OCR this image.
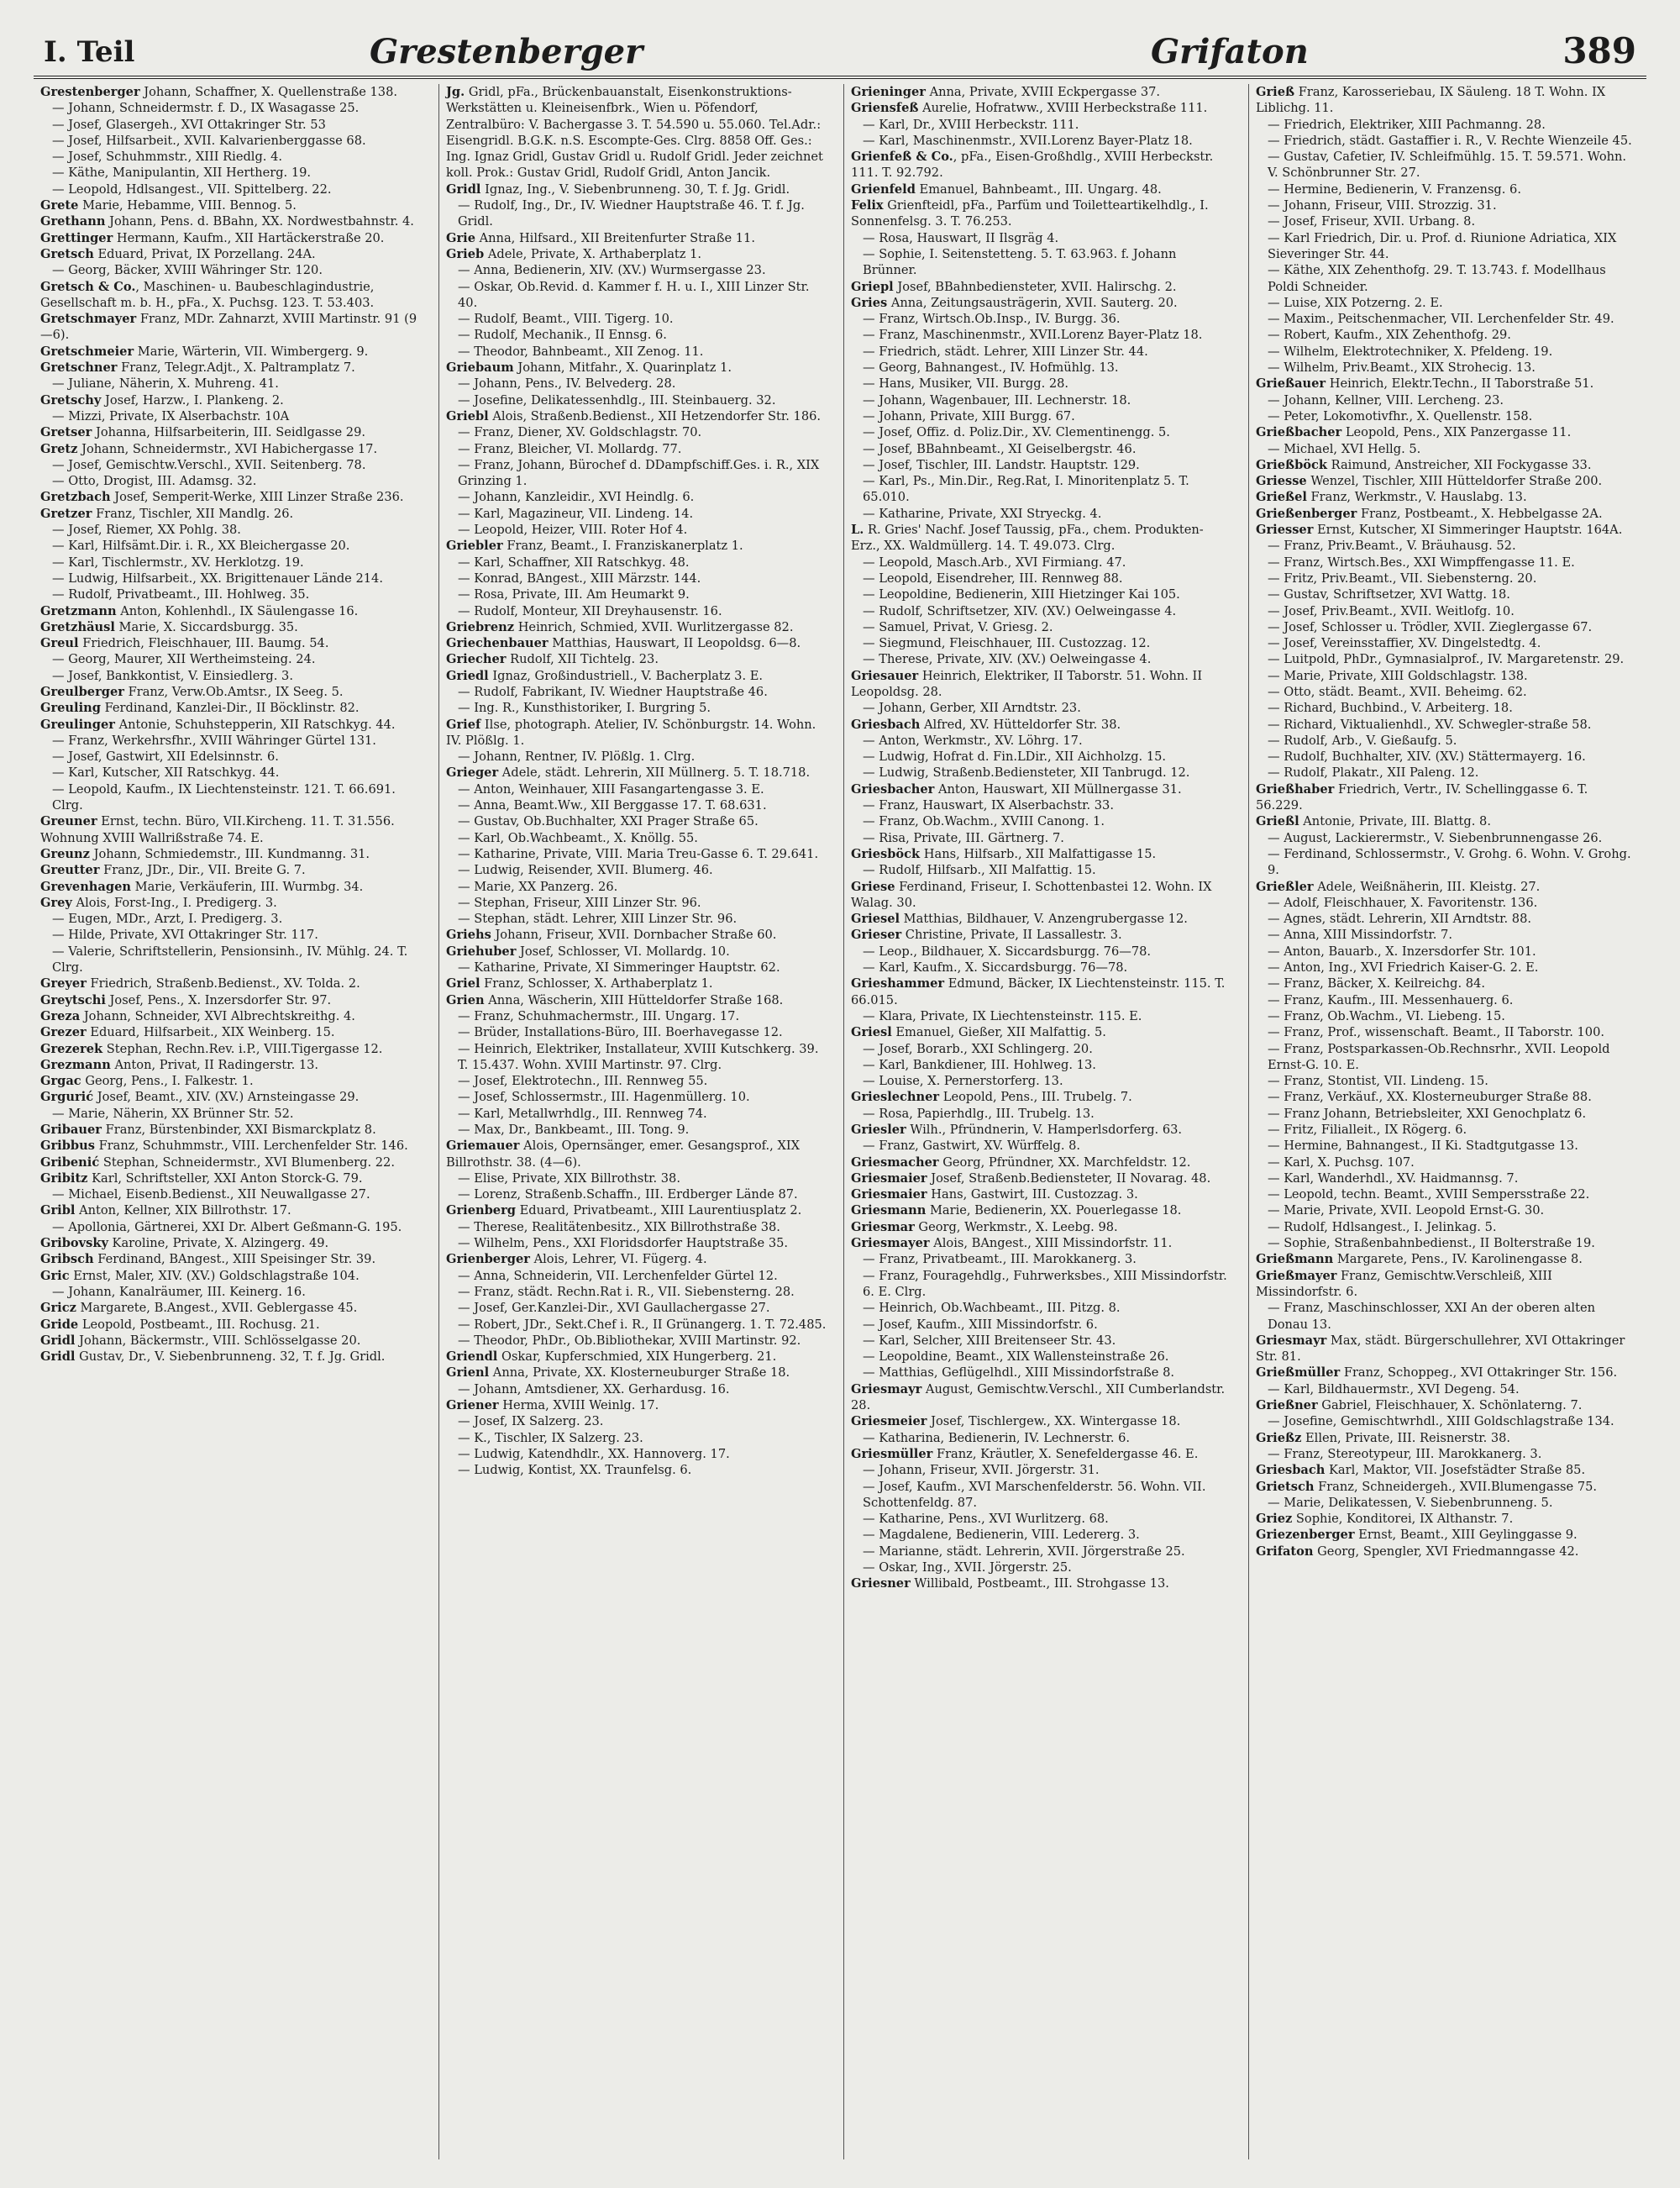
I. Teil	Grestenberger	Grifaton	389
Grestenberger Johann, Schaffner, X. Quellenstraße 138.
— Johann, Schneidermstr. f. D., IX Wasagasse 25.
— Josef, Glasergeh., XVI Ottakringer Str. 53
— Josef, Hilfsarbeit., XVII. Kalvarienberggasse 68.
— Josef, Schuhmmstr., XIII Riedlg. 4.
— Käthe, Manipulantin, XII Hertherg. 19.
— Leopold, Hdlsangest., VII. Spittelberg. 22.
Grete Marie, Hebamme, VIII. Bennog. 5.
Grethann Johann, Pens. d. BBahn, XX. Nordwestbahnstr. 4.
Grettinger Hermann, Kaufm., XII Hartäckerstraße 20.
Gretsch Eduard, Privat, IX Porzellang. 24A.
— Georg, Bäcker, XVIII Währinger Str. 120.
Gretsch & Co., Maschinen- u. Baubeschlagindustrie, Gesellschaft m. b. H., pFa., X. Puchsg. 123. T. 53.403.
Gretschmayer Franz, MDr. Zahnarzt, XVIII Martinstr. 91 (9—6).
Gretschmeier Marie, Wärterin, VII. Wimbergerg. 9.
Gretschner Franz, Telegr.Adjt., X. Paltramplatz 7.
— Juliane, Näherin, X. Muhreng. 41.
Gretschy Josef, Harzw., I. Plankeng. 2.
— Mizzi, Private, IX Alserbachstr. 10A
Gretser Johanna, Hilfsarbeiterin, III. Seidlgasse 29.
Gretz Johann, Schneidermstr., XVI Habichergasse 17.
— Josef, Gemischtw.Verschl., XVII. Seitenberg. 78.
— Otto, Drogist, III. Adamsg. 32.
Gretzbach Josef, Semperit-Werke, XIII Linzer Straße 236.
Gretzer Franz, Tischler, XII Mandlg. 26.
— Josef, Riemer, XX Pohlg. 38.
— Karl, Hilfsämt.Dir. i. R., XX Bleichergasse 20.
— Karl, Tischlermstr., XV. Herklotzg. 19.
— Ludwig, Hilfsarbeit., XX. Brigittenauer Lände 214.
— Rudolf, Privatbeamt., III. Hohlweg. 35.
Gretzmann Anton, Kohlenhdl., IX Säulengasse 16.
Gretzhäusl Marie, X. Siccardsburgg. 35.
Greul Friedrich, Fleischhauer, III. Baumg. 54.
— Georg, Maurer, XII Wertheimsteing. 24.
— Josef, Bankkontist, V. Einsiedlerg. 3.
Greulberger Franz, Verw.Ob.Amtsr., IX Seeg. 5.
Greuling Ferdinand, Kanzlei-Dir., II Böcklinstr. 82.
Greulinger Antonie, Schuhstepperin, XII Ratschkyg. 44.
— Franz, Werkehrsfhr., XVIII Währinger Gürtel 131.
— Josef, Gastwirt, XII Edelsinnstr. 6.
— Karl, Kutscher, XII Ratschkyg. 44.
— Leopold, Kaufm., IX Liechtensteinstr. 121. T. 66.691. Clrg.
Greuner Ernst, techn. Büro, VII.Kircheng. 11. T. 31.556. Wohnung XVIII Wallrißstraße 74. E.
Greunz Johann, Schmiedemstr., III. Kundmanng. 31.
Greutter Franz, JDr., Dir., VII. Breite G. 7.
Grevenhagen Marie, Verkäuferin, III. Wurmbg. 34.
Grey Alois, Forst-Ing., I. Predigerg. 3.
— Eugen, MDr., Arzt, I. Predigerg. 3.
— Hilde, Private, XVI Ottakringer Str. 117.
— Valerie, Schriftstellerin, Pensionsinh., IV. Mühlg. 24. T. Clrg.
Greyer Friedrich, Straßenb.Bedienst., XV. Tolda. 2.
Greytschi Josef, Pens., X. Inzersdorfer Str. 97.
Greza Johann, Schneider, XVI Albrechtskreithg. 4.
Grezer Eduard, Hilfsarbeit., XIX Weinberg. 15.
Grezerek Stephan, Rechn.Rev. i.P., VIII.Tigergasse 12.
Grezmann Anton, Privat, II Radingerstr. 13.
Grgac Georg, Pens., I. Falkestr. 1.
Grgurić Josef, Beamt., XIV. (XV.) Arnsteingasse 29.
— Marie, Näherin, XX Brünner Str. 52.
Gribauer Franz, Bürstenbinder, XXI Bismarckplatz 8.
Gribbus Franz, Schuhmmstr., VIII. Lerchenfelder Str. 146.
Gribenić Stephan, Schneidermstr., XVI Blumenberg. 22.
Gribitz Karl, Schriftsteller, XXI Anton Storck-G. 79.
— Michael, Eisenb.Bedienst., XII Neuwallgasse 27.
Gribl Anton, Kellner, XIX Billrothstr. 17.
— Apollonia, Gärtnerei, XXI Dr. Albert Geßmann-G. 195.
Gribovsky Karoline, Private, X. Alzingerg. 49.
Gribsch Ferdinand, BAngest., XIII Speisinger Str. 39.
Gric Ernst, Maler, XIV. (XV.) Goldschlagstraße 104.
— Johann, Kanalräumer, III. Keinerg. 16.
Gricz Margarete, B.Angest., XVII. Geblergasse 45.
Gride Leopold, Postbeamt., III. Rochusg. 21.
Gridl Johann, Bäckermstr., VIII. Schlösselgasse 20.
Gridl Gustav, Dr., V. Siebenbrunneng. 32, T. f. Jg. Gridl.
Jg. Gridl, pFa., Brückenbauanstalt, Eisenkonstruktions-Werkstätten u. Kleineisenfbrk., Wien u. Pöfendorf, Zentralbüro: V. Bachergasse 3. T. 54.590 u. 55.060. Tel.Adr.: Eisengridl. B.G.K. n.S. Escompte-Ges. Clrg. 8858 Off. Ges.: Ing. Ignaz Gridl, Gustav Gridl u. Rudolf Gridl. Jeder zeichnet koll. Prok.: Gustav Gridl, Rudolf Gridl, Anton Jancik.
Gridl Ignaz, Ing., V. Siebenbrunneng. 30, T. f. Jg. Gridl.
— Rudolf, Ing., Dr., IV. Wiedner Hauptstraße 46. T. f. Jg. Gridl.
Grie Anna, Hilfsard., XII Breitenfurter Straße 11.
Grieb Adele, Private, X. Arthaberplatz 1.
— Anna, Bedienerin, XIV. (XV.) Wurmsergasse 23.
— Oskar, Ob.Revid. d. Kammer f. H. u. I., XIII Linzer Str. 40.
— Rudolf, Beamt., VIII. Tigerg. 10.
— Rudolf, Mechanik., II Ennsg. 6.
— Theodor, Bahnbeamt., XII Zenog. 11.
Griebaum Johann, Mitfahr., X. Quarinplatz 1.
— Johann, Pens., IV. Belvederg. 28.
— Josefine, Delikatessenhdlg., III. Steinbauerg. 32.
Griebl Alois, Straßenb.Bedienst., XII Hetzendorfer Str. 186.
— Franz, Diener, XV. Goldschlagstr. 70.
— Franz, Bleicher, VI. Mollardg. 77.
— Franz, Johann, Bürochef d. DDampfschiff.Ges. i. R., XIX Grinzing 1.
— Johann, Kanzleidir., XVI Heindlg. 6.
— Karl, Magazineur, VII. Lindeng. 14.
— Leopold, Heizer, VIII. Roter Hof 4.
Griebler Franz, Beamt., I. Franziskanerplatz 1.
— Karl, Schaffner, XII Ratschkyg. 48.
— Konrad, BAngest., XIII Märzstr. 144.
— Rosa, Private, III. Am Heumarkt 9.
— Rudolf, Monteur, XII Dreyhausenstr. 16.
Griebrenz Heinrich, Schmied, XVII. Wurlitzergasse 82.
Griechenbauer Matthias, Hauswart, II Leopoldsg. 6—8.
Griecher Rudolf, XII Tichtelg. 23.
Griedl Ignaz, Großindustriell., V. Bacherplatz 3. E.
— Rudolf, Fabrikant, IV. Wiedner Hauptstraße 46.
— Ing. R., Kunsthistoriker, I. Burgring 5.
Grief Ilse, photograph. Atelier, IV. Schönburgstr. 14. Wohn. IV. Plößlg. 1.
— Johann, Rentner, IV. Plößlg. 1. Clrg.
Grieger Adele, städt. Lehrerin, XII Müllnerg. 5. T. 18.718.
— Anton, Weinhauer, XIII Fasangartengasse 3. E.
— Anna, Beamt.Ww., XII Berggasse 17. T. 68.631.
— Gustav, Ob.Buchhalter, XXI Prager Straße 65.
— Karl, Ob.Wachbeamt., X. Knöllg. 55.
— Katharine, Private, VIII. Maria Treu-Gasse 6. T. 29.641.
— Ludwig, Reisender, XVII. Blumerg. 46.
— Marie, XX Panzerg. 26.
— Stephan, Friseur, XIII Linzer Str. 96.
— Stephan, städt. Lehrer, XIII Linzer Str. 96.
Griehs Johann, Friseur, XVII. Dornbacher Straße 60.
Griehuber Josef, Schlosser, VI. Mollardg. 10.
— Katharine, Private, XI Simmeringer Hauptstr. 62.
Griel Franz, Schlosser, X. Arthaberplatz 1.
Grien Anna, Wäscherin, XIII Hütteldorfer Straße 168.
— Franz, Schuhmachermstr., III. Ungarg. 17.
— Brüder, Installations-Büro, III. Boerhavegasse 12.
— Heinrich, Elektriker, Installateur, XVIII Kutschkerg. 39. T. 15.437. Wohn. XVIII Martinstr. 97. Clrg.
— Josef, Elektrotechn., III. Rennweg 55.
— Josef, Schlossermstr., III. Hagenmüllerg. 10.
— Karl, Metallwrhdlg., III. Rennweg 74.
— Max, Dr., Bankbeamt., III. Tong. 9.
Griemauer Alois, Opernsänger, emer. Gesangsprof., XIX Billrothstr. 38. (4—6).
— Elise, Private, XIX Billrothstr. 38.
— Lorenz, Straßenb.Schaffn., III. Erdberger Lände 87.
Grienberg Eduard, Privatbeamt., XIII Laurentiusplatz 2.
— Therese, Realitätenbesitz., XIX Billrothstraße 38.
— Wilhelm, Pens., XXI Floridsdorfer Hauptstraße 35.
Grienberger Alois, Lehrer, VI. Fügerg. 4.
— Anna, Schneiderin, VII. Lerchenfelder Gürtel 12.
— Franz, städt. Rechn.Rat i. R., VII. Siebensterng. 28.
— Josef, Ger.Kanzlei-Dir., XVI Gaullachergasse 27.
— Robert, JDr., Sekt.Chef i. R., II Grünangerg. 1. T. 72.485.
— Theodor, PhDr., Ob.Bibliothekar, XVIII Martinstr. 92.
Griendl Oskar, Kupferschmied, XIX Hungerberg. 21.
Grienl Anna, Private, XX. Klosterneuburger Straße 18.
— Johann, Amtsdiener, XX. Gerhardusg. 16.
Griener Herma, XVIII Weinlg. 17.
— Josef, IX Salzerg. 23.
— K., Tischler, IX Salzerg. 23.
— Ludwig, Katendhdlr., XX. Hannoverg. 17.
— Ludwig, Kontist, XX. Traunfelsg. 6.
Grieninger Anna, Private, XVIII Eckpergasse 37.
Griensfeß Aurelie, Hofratww., XVIII Herbeckstraße 111.
— Karl, Dr., XVIII Herbeckstr. 111.
— Karl, Maschinenmstr., XVII.Lorenz Bayer-Platz 18.
Grienfeß & Co., pFa., Eisen-Großhdlg., XVIII Herbeckstr. 111. T. 92.792.
Grienfeld Emanuel, Bahnbeamt., III. Ungarg. 48.
Felix Grienfteidl, pFa., Parfüm und Toiletteartikelhdlg., I. Sonnenfelsg. 3. T. 76.253.
— Rosa, Hauswart, II Ilsgräg 4.
— Sophie, I. Seitenstetteng. 5. T. 63.963. f. Johann Brünner.
Griepl Josef, BBahnbediensteter, XVII. Halirschg. 2.
Gries Anna, Zeitungsausträgerin, XVII. Sauterg. 20.
— Franz, Wirtsch.Ob.Insp., IV. Burgg. 36.
— Franz, Maschinenmstr., XVII.Lorenz Bayer-Platz 18.
— Friedrich, städt. Lehrer, XIII Linzer Str. 44.
— Georg, Bahnangest., IV. Hofmühlg. 13.
— Hans, Musiker, VII. Burgg. 28.
— Johann, Wagenbauer, III. Lechnerstr. 18.
— Johann, Private, XIII Burgg. 67.
— Josef, Offiz. d. Poliz.Dir., XV. Clementinengg. 5.
— Josef, BBahnbeamt., XI Geiselbergstr. 46.
— Josef, Tischler, III. Landstr. Hauptstr. 129.
— Karl, Ps., Min.Dir., Reg.Rat, I. Minoritenplatz 5. T. 65.010.
— Katharine, Private, XXI Stryeckg. 4.
L. R. Gries' Nachf. Josef Taussig, pFa., chem. Produkten-Erz., XX. Waldmüllerg. 14. T. 49.073. Clrg.
— Leopold, Masch.Arb., XVI Firmiang. 47.
— Leopold, Eisendreher, III. Rennweg 88.
— Leopoldine, Bedienerin, XIII Hietzinger Kai 105.
— Rudolf, Schriftsetzer, XIV. (XV.) Oelweingasse 4.
— Samuel, Privat, V. Griesg. 2.
— Siegmund, Fleischhauer, III. Custozzag. 12.
— Therese, Private, XIV. (XV.) Oelweingasse 4.
Griesauer Heinrich, Elektriker, II Taborstr. 51. Wohn. II Leopoldsg. 28.
— Johann, Gerber, XII Arndtstr. 23.
Griesbach Alfred, XV. Hütteldorfer Str. 38.
— Anton, Werkmstr., XV. Löhrg. 17.
— Ludwig, Hofrat d. Fin.LDir., XII Aichholzg. 15.
— Ludwig, Straßenb.Bediensteter, XII Tanbrugd. 12.
Griesbacher Anton, Hauswart, XII Müllnergasse 31.
— Franz, Hauswart, IX Alserbachstr. 33.
— Franz, Ob.Wachm., XVIII Canong. 1.
— Risa, Private, III. Gärtnerg. 7.
Griesböck Hans, Hilfsarb., XII Malfattigasse 15.
— Rudolf, Hilfsarb., XII Malfattig. 15.
Griese Ferdinand, Friseur, I. Schottenbastei 12. Wohn. IX Walag. 30.
Griesel Matthias, Bildhauer, V. Anzengrubergasse 12.
Grieser Christine, Private, II Lassallestr. 3.
— Leop., Bildhauer, X. Siccardsburgg. 76—78.
— Karl, Kaufm., X. Siccardsburgg. 76—78.
Grieshammer Edmund, Bäcker, IX Liechtensteinstr. 115. T. 66.015.
— Klara, Private, IX Liechtensteinstr. 115. E.
Griesl Emanuel, Gießer, XII Malfattig. 5.
— Josef, Borarb., XXI Schlingerg. 20.
— Karl, Bankdiener, III. Hohlweg. 13.
— Louise, X. Pernerstorferg. 13.
Grieslechner Leopold, Pens., III. Trubelg. 7.
— Rosa, Papierhdlg., III. Trubelg. 13.
Griesler Wilh., Pfründnerin, V. Hamperlsdorferg. 63.
— Franz, Gastwirt, XV. Würffelg. 8.
Griesmacher Georg, Pfründner, XX. Marchfeldstr. 12.
Griesmaier Josef, Straßenb.Bediensteter, II Novarag. 48.
Griesmaier Hans, Gastwirt, III. Custozzag. 3.
Griesmann Marie, Bedienerin, XX. Pouerlegasse 18.
Griesmar Georg, Werkmstr., X. Leebg. 98.
Griesmayer Alois, BAngest., XIII Missindorfstr. 11.
— Franz, Privatbeamt., III. Marokkanerg. 3.
— Franz, Fouragehdlg., Fuhrwerksbes., XIII Missindorfstr. 6. E. Clrg.
— Heinrich, Ob.Wachbeamt., III. Pitzg. 8.
— Josef, Kaufm., XIII Missindorfstr. 6.
— Karl, Selcher, XIII Breitenseer Str. 43.
— Leopoldine, Beamt., XIX Wallensteinstraße 26.
— Matthias, Geflügelhdl., XIII Missindorfstraße 8.
Griesmayr August, Gemischtw.Verschl., XII Cumberlandstr. 28.
Griesmeier Josef, Tischlergew., XX. Wintergasse 18.
— Katharina, Bedienerin, IV. Lechnerstr. 6.
Griesmüller Franz, Kräutler, X. Senefeldergasse 46. E.
— Johann, Friseur, XVII. Jörgerstr. 31.
— Josef, Kaufm., XVI Marschenfelderstr. 56. Wohn. VII. Schottenfeldg. 87.
— Katharine, Pens., XVI Wurlitzerg. 68.
— Magdalene, Bedienerin, VIII. Ledererg. 3.
— Marianne, städt. Lehrerin, XVII. Jörgerstraße 25.
— Oskar, Ing., XVII. Jörgerstr. 25.
Griesner Willibald, Postbeamt., III. Strohgasse 13.
Grieß Franz, Karosseriebau, IX Säuleng. 18 T. Wohn. IX Liblichg. 11.
— Friedrich, Elektriker, XIII Pachmanng. 28.
— Friedrich, städt. Gastaffier i. R., V. Rechte Wienzeile 45.
— Gustav, Cafetier, IV. Schleifmühlg. 15. T. 59.571. Wohn. V. Schönbrunner Str. 27.
— Hermine, Bedienerin, V. Franzensg. 6.
— Johann, Friseur, VIII. Strozzig. 31.
— Josef, Friseur, XVII. Urbang. 8.
— Karl Friedrich, Dir. u. Prof. d. Riunione Adriatica, XIX Sieveringer Str. 44.
— Käthe, XIX Zehenthofg. 29. T. 13.743. f. Modellhaus Poldi Schneider.
— Luise, XIX Potzerng. 2. E.
— Maxim., Peitschenmacher, VII. Lerchenfelder Str. 49.
— Robert, Kaufm., XIX Zehenthofg. 29.
— Wilhelm, Elektrotechniker, X. Pfeldeng. 19.
— Wilhelm, Priv.Beamt., XIX Strohecig. 13.
Grießauer Heinrich, Elektr.Techn., II Taborstraße 51.
— Johann, Kellner, VIII. Lercheng. 23.
— Peter, Lokomotivfhr., X. Quellenstr. 158.
Grießbacher Leopold, Pens., XIX Panzergasse 11.
— Michael, XVI Hellg. 5.
Grießböck Raimund, Anstreicher, XII Fockygasse 33.
Griesse Wenzel, Tischler, XIII Hütteldorfer Straße 200.
Grießel Franz, Werkmstr., V. Hauslabg. 13.
Grießenberger Franz, Postbeamt., X. Hebbelgasse 2A.
Griesser Ernst, Kutscher, XI Simmeringer Hauptstr. 164A.
— Franz, Priv.Beamt., V. Bräuhausg. 52.
— Franz, Wirtsch.Bes., XXI Wimpffengasse 11. E.
— Fritz, Priv.Beamt., VII. Siebensterng. 20.
— Gustav, Schriftsetzer, XVI Wattg. 18.
— Josef, Priv.Beamt., XVII. Weitlofg. 10.
— Josef, Schlosser u. Trödler, XVII. Zieglergasse 67.
— Josef, Vereinsstaffier, XV. Dingelstedtg. 4.
— Luitpold, PhDr., Gymnasialprof., IV. Margaretenstr. 29.
— Marie, Private, XIII Goldschlagstr. 138.
— Otto, städt. Beamt., XVII. Beheimg. 62.
— Richard, Buchbind., V. Arbeiterg. 18.
— Richard, Viktualienhdl., XV. Schwegler-straße 58.
— Rudolf, Arb., V. Gießaufg. 5.
— Rudolf, Buchhalter, XIV. (XV.) Stättermayerg. 16.
— Rudolf, Plakatr., XII Paleng. 12.
Grießhaber Friedrich, Vertr., IV. Schellinggasse 6. T. 56.229.
Grießl Antonie, Private, III. Blattg. 8.
— August, Lackierermstr., V. Siebenbrunnengasse 26.
— Ferdinand, Schlossermstr., V. Grohg. 6. Wohn. V. Grohg. 9.
Grießler Adele, Weißnäherin, III. Kleistg. 27.
— Adolf, Fleischhauer, X. Favoritenstr. 136.
— Agnes, städt. Lehrerin, XII Arndtstr. 88.
— Anna, XIII Missindorfstr. 7.
— Anton, Bauarb., X. Inzersdorfer Str. 101.
— Anton, Ing., XVI Friedrich Kaiser-G. 2. E.
— Franz, Bäcker, X. Keilreichg. 84.
— Franz, Kaufm., III. Messenhauerg. 6.
— Franz, Ob.Wachm., VI. Liebeng. 15.
— Franz, Prof., wissenschaft. Beamt., II Taborstr. 100.
— Franz, Postsparkassen-Ob.Rechnsrhr., XVII. Leopold Ernst-G. 10. E.
— Franz, Stontist, VII. Lindeng. 15.
— Franz, Verkäuf., XX. Klosterneuburger Straße 88.
— Franz Johann, Betriebsleiter, XXI Genochplatz 6.
— Fritz, Filialleit., IX Rögerg. 6.
— Hermine, Bahnangest., II Ki. Stadtgutgasse 13.
— Karl, X. Puchsg. 107.
— Karl, Wanderhdl., XV. Haidmannsg. 7.
— Leopold, techn. Beamt., XVIII Sempersstraße 22.
— Marie, Private, XVII. Leopold Ernst-G. 30.
— Rudolf, Hdlsangest., I. Jelinkag. 5.
— Sophie, Straßenbahnbedienst., II Bolterstraße 19.
Grießmann Margarete, Pens., IV. Karolinengasse 8.
Grießmayer Franz, Gemischtw.Verschleiß, XIII Missindorfstr. 6.
— Franz, Maschinschlosser, XXI An der oberen alten Donau 13.
Griesmayr Max, städt. Bürgerschullehrer, XVI Ottakringer Str. 81.
Grießmüller Franz, Schoppeg., XVI Ottakringer Str. 156.
— Karl, Bildhauermstr., XVI Degeng. 54.
Grießner Gabriel, Fleischhauer, X. Schönlaterng. 7.
— Josefine, Gemischtwrhdl., XIII Goldschlagstraße 134.
Grießz Ellen, Private, III. Reisnerstr. 38.
— Franz, Stereotypeur, III. Marokkanerg. 3.
Griesbach Karl, Maktor, VII. Josefstädter Straße 85.
Grietsch Franz, Schneidergeh., XVII.Blumengasse 75.
— Marie, Delikatessen, V. Siebenbrunneng. 5.
Griez Sophie, Konditorei, IX Althanstr. 7.
Griezenberger Ernst, Beamt., XIII Geylinggasse 9.
Grifaton Georg, Spengler, XVI Friedmanngasse 42.
